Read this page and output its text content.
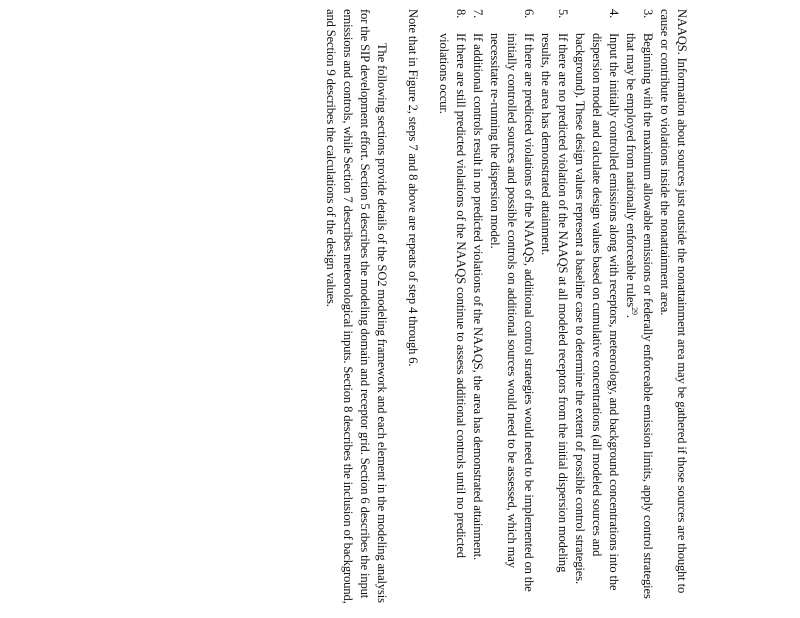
NAAQS. Information about sources just outside the nonattainment area may be gathered if those sources are thought to cause or contribute to violations inside the nonattainment area.

3.
Beginning with the maximum allowable emissions or federally enforceable emission limits, apply control strategies that may be employed from nationally enforceable rules$^{29}$.
4.
Input the initially controlled emissions along with receptors, meteorology, and background concentrations into the dispersion model and calculate design values based on cumulative concentrations (all modeled sources and background). These design values represent a baseline case to determine the extent of possible control strategies.
5.
If there are no predicted violation of the NAAQS at all modeled receptors from the initial dispersion modeling results, the area has demonstrated attainment.
6.
If there are predicted violations of the NAAQS, additional control strategies would need to be implemented on the initially controlled sources and possible controls on additional sources would need to be assessed, which may necessitate re-running the dispersion model.
7.
If additional controls result in no predicted violations of the NAAQS, the area has demonstrated attainment.
8.
If there are still predicted violations of the NAAQS continue to assess additional controls until no predicted violations occur.

Note that in Figure 2, steps 7 and 8 above are repeats of step 4 through 6.

The following sections provide details of the SO2 modeling framework and each element in the modeling analysis for the SIP development effort. Section 5 describes the modeling domain and receptor grid. Section 6 describes the input emissions and controls, while Section 7 describes meteorological inputs. Section 8 describes the inclusion of background, and Section 9 describes the calculations of the design values.
